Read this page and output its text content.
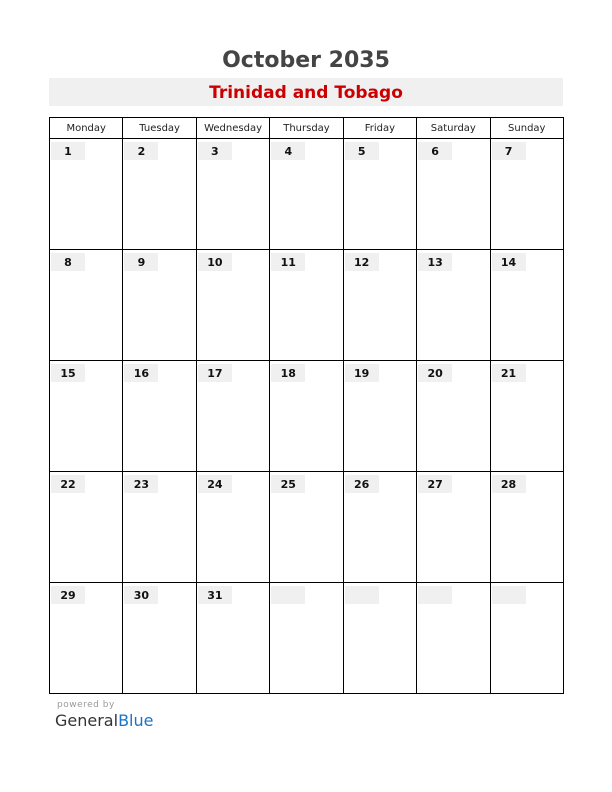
October 2035
Trinidad and Tobago
Monday	Tuesday	Wednesday	Thursday	Friday	Saturday	Sunday

1	2	3	4	5	6	7

8	9	10	11	12	13	14

15	16	17	18	19	20	21

22	23	24	25	26	27	28

29	30	31				

powered by
GeneralBlue
